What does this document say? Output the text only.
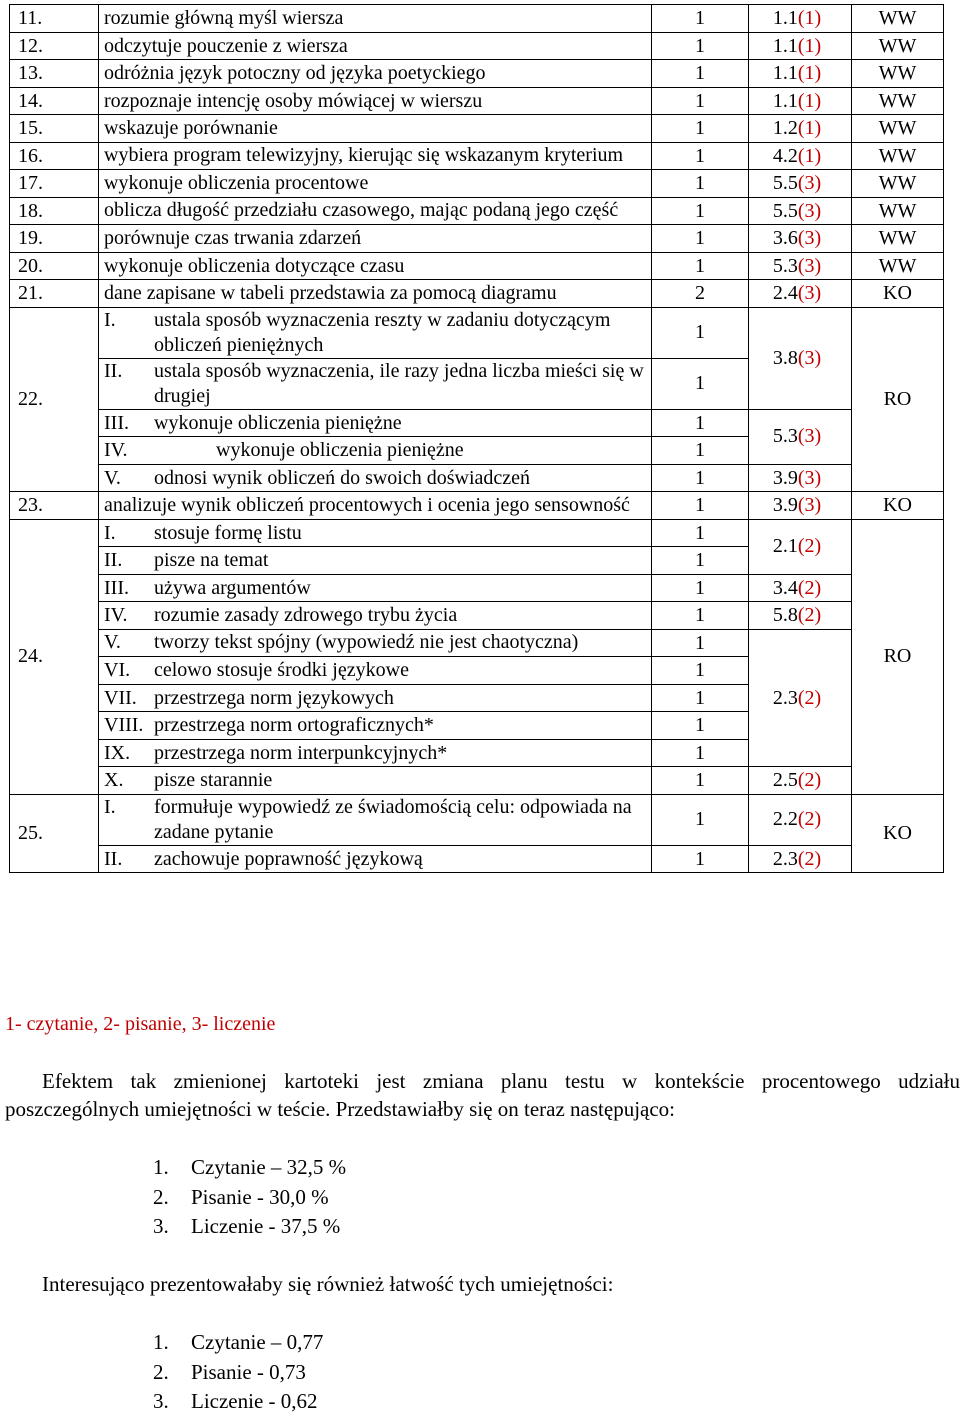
11.	rozumie główną myśl wiersza	1	1.1(1)	WW
12.	odczytuje pouczenie z wiersza	1	1.1(1)	WW
13.	odróżnia język potoczny od języka poetyckiego	1	1.1(1)	WW
14.	rozpoznaje intencję osoby mówiącej w wierszu	1	1.1(1)	WW
15.	wskazuje porównanie	1	1.2(1)	WW
16.	wybiera program telewizyjny, kierując się wskazanym kryterium	1	4.2(1)	WW
17.	wykonuje obliczenia procentowe	1	5.5(3)	WW
18.	oblicza długość przedziału czasowego, mając podaną jego część	1	5.5(3)	WW
19.	porównuje czas trwania zdarzeń	1	3.6(3)	WW
20.	wykonuje obliczenia dotyczące czasu	1	5.3(3)	WW
21.	dane zapisane w tabeli przedstawia za pomocą diagramu	2	2.4(3)	KO
22.	I. ustala sposób wyznaczenia reszty w zadaniu dotyczącym obliczeń pieniężnych	1	3.8(3)	RO

	II. ustala sposób wyznaczenia, ile razy jedna liczba mieści się w drugiej	1		

	III. wykonuje obliczenia pieniężne	1	5.3(3)	

	IV. wykonuje obliczenia pieniężne	1		

	V. odnosi wynik obliczeń do swoich doświadczeń	1	3.9(3)	
23.	analizuje wynik obliczeń procentowych i ocenia jego sensowność	1	3.9(3)	KO
24.	I. stosuje formę listu	1	2.1(2)	RO

	II. pisze na temat	1		

	III. używa argumentów	1	3.4(2)	

	IV. rozumie zasady zdrowego trybu życia	1	5.8(2)	

	V. tworzy tekst spójny (wypowiedź nie jest chaotyczna)	1	2.3(2)	

	VI. celowo stosuje środki językowe	1		

	VII. przestrzega norm językowych	1		

	VIII. przestrzega norm ortograficznych*	1		

	IX. przestrzega norm interpunkcyjnych*	1		

	X. pisze starannie	1	2.5(2)	
25.	I. formułuje wypowiedź ze świadomością celu: odpowiada na zadane pytanie	1	2.2(2)	KO

	II. zachowuje poprawność językową	1	2.3(2)	
1- czytanie, 2- pisanie, 3- liczenie
Efektem tak zmienionej kartoteki jest zmiana planu testu w kontekście procentowego udziału poszczególnych umiejętności w teście. Przedstawiałby się on teraz następująco:
1. Czytanie – 32,5 %
2. Pisanie - 30,0 %
3. Liczenie - 37,5 %
Interesująco prezentowałaby się również łatwość tych umiejętności:
1. Czytanie – 0,77
2. Pisanie - 0,73
3. Liczenie - 0,62
